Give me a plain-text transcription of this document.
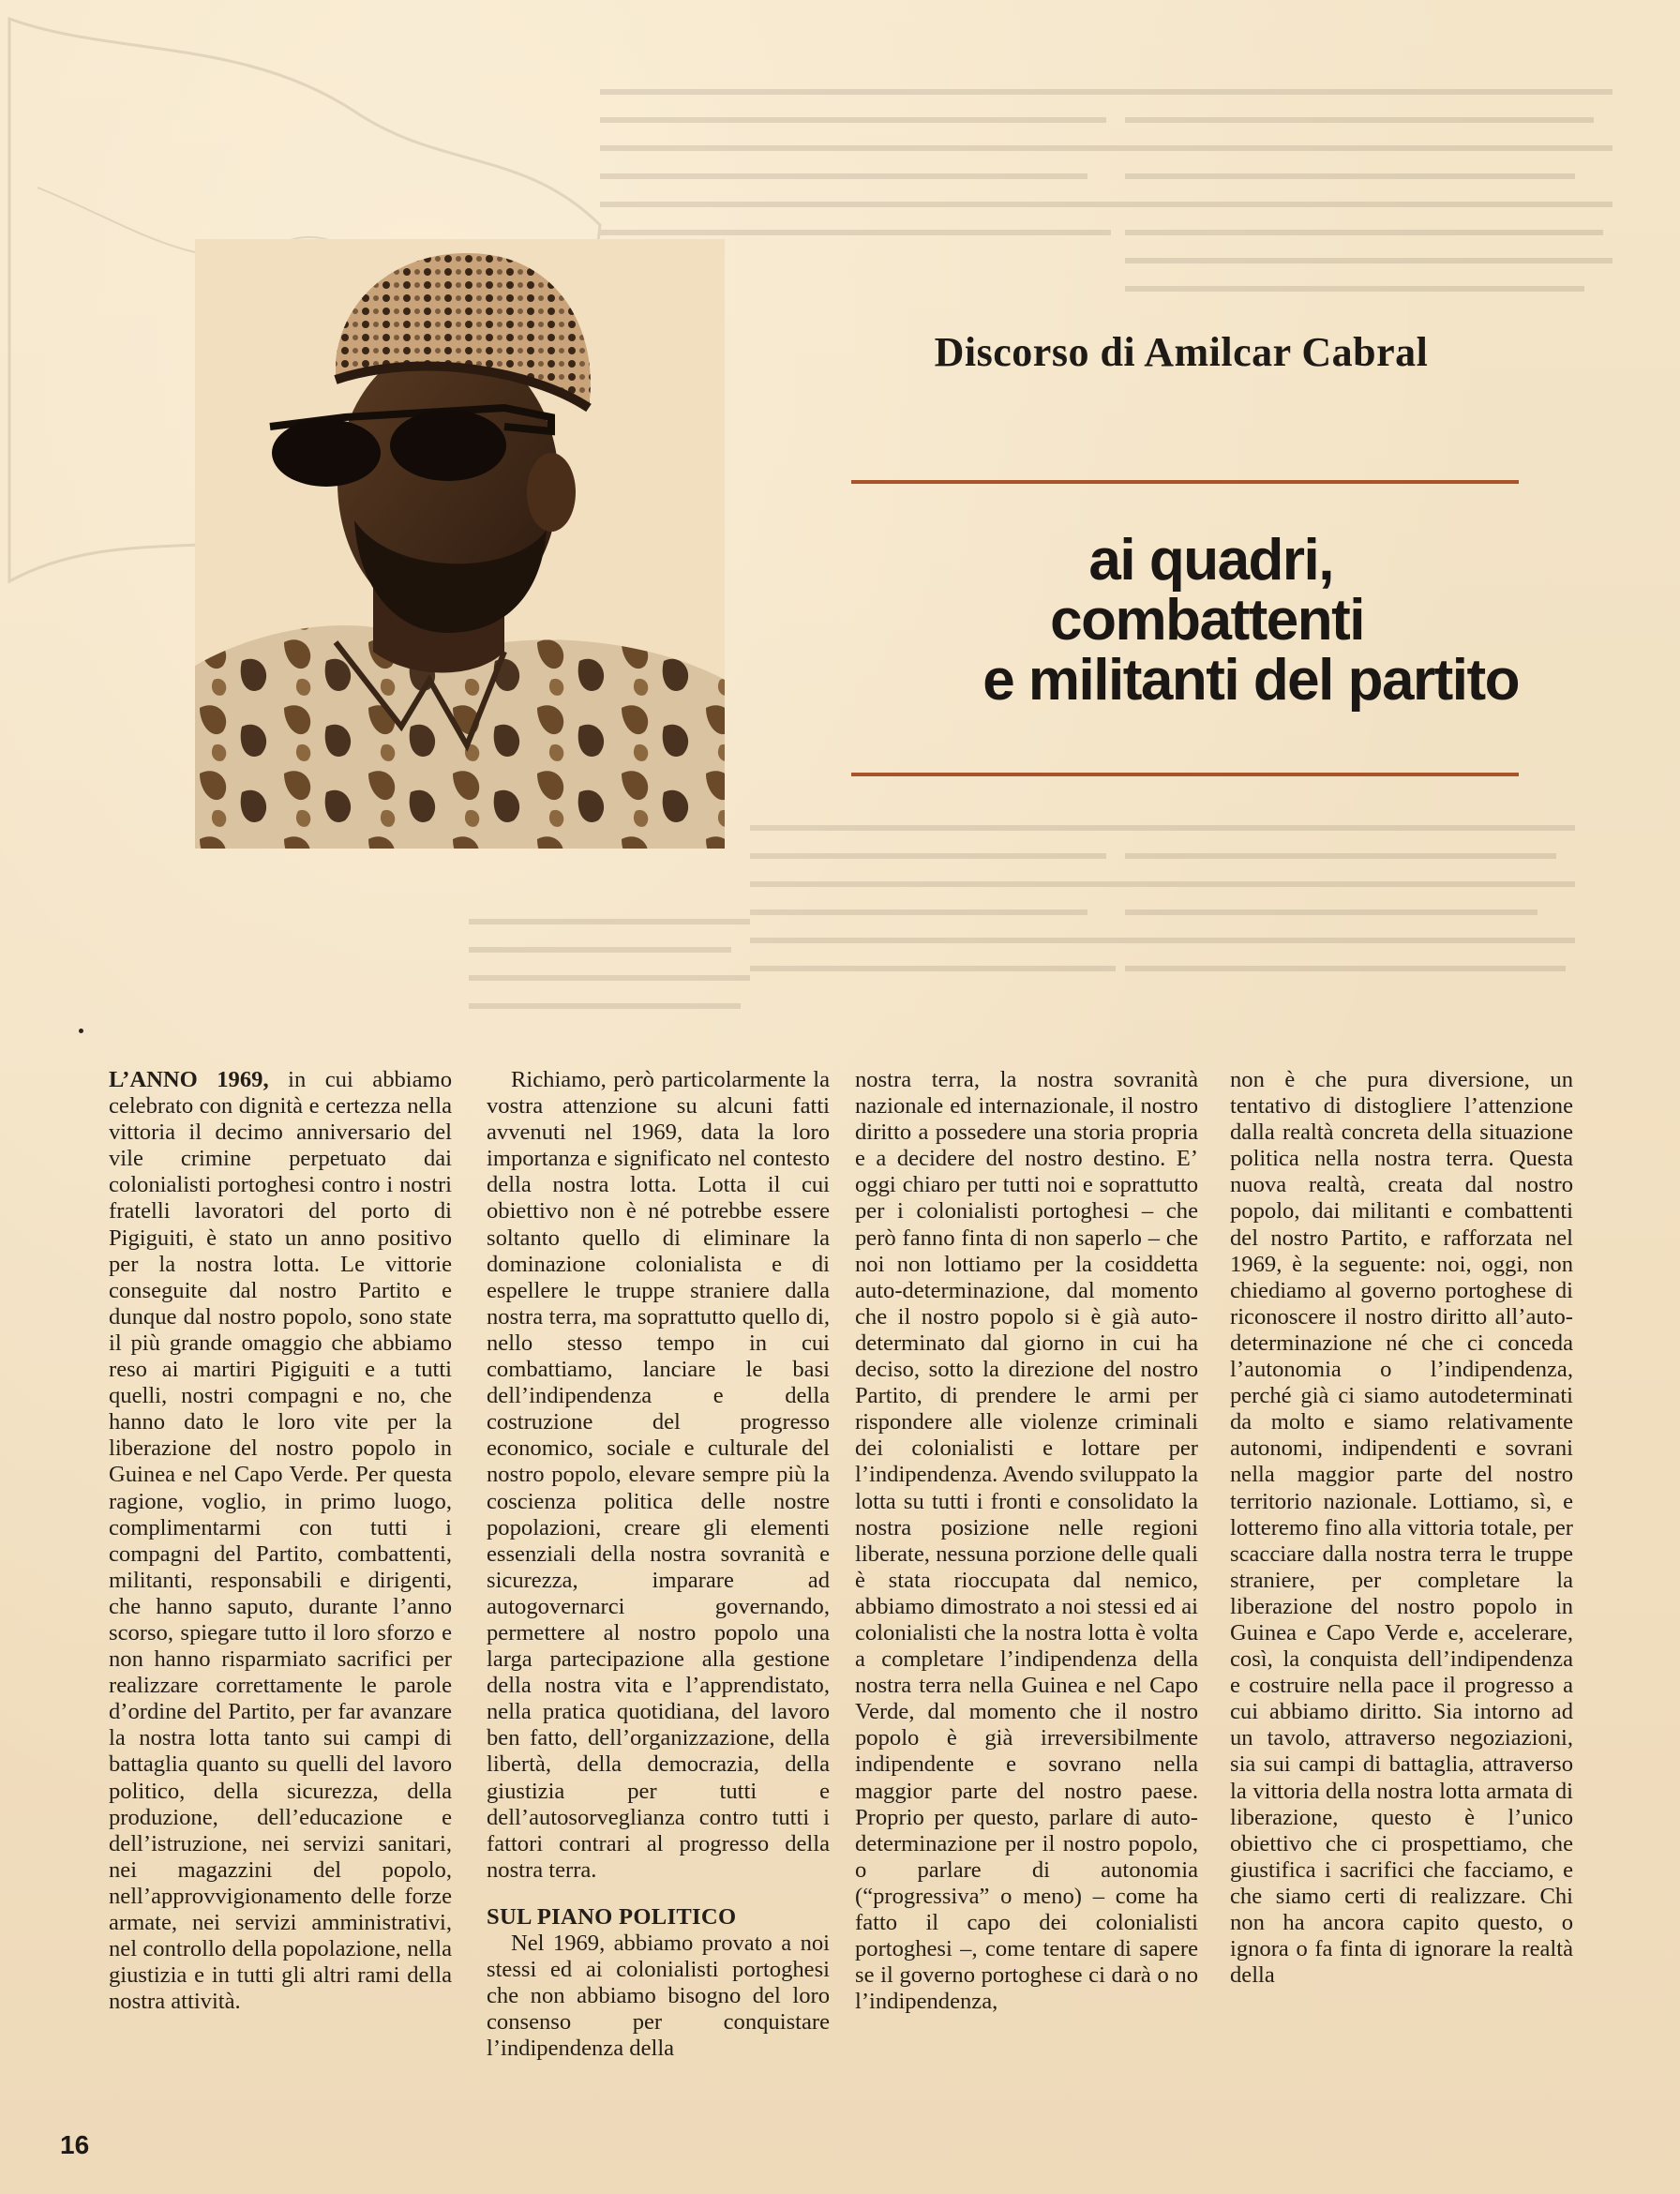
Discorso di Amilcar Cabral
ai quadri,
combattenti
e militanti del partito

L’ANNO 1969, in cui abbiamo celebrato con dignità e certezza nella vittoria il decimo anniversario del vile crimine perpetuato dai colonialisti portoghesi contro i nostri fratelli lavoratori del porto di Pigiguiti, è stato un anno positivo per la nostra lotta. Le vittorie conseguite dal nostro Partito e dunque dal nostro popolo, sono state il più grande omaggio che abbiamo reso ai martiri Pigiguiti e a tutti quelli, nostri compagni e no, che hanno dato le loro vite per la liberazione del nostro popolo in Guinea e nel Capo Verde. Per questa ragione, voglio, in primo luogo, complimentarmi con tutti i compagni del Partito, combattenti, militanti, responsabili e dirigenti, che hanno saputo, durante l’anno scorso, spiegare tutto il loro sforzo e non hanno risparmiato sacrifici per realizzare correttamente le parole d’ordine del Partito, per far avanzare la nostra lotta tanto sui campi di battaglia quanto su quelli del lavoro politico, della sicurezza, della produzione, dell’educazione e dell’istruzione, nei servizi sanitari, nei magazzini del popolo, nell’approvvigionamento delle forze armate, nei servizi amministrativi, nel controllo della popolazione, nella giustizia e in tutti gli altri rami della nostra attività.

Richiamo, però particolarmente la vostra attenzione su alcuni fatti avvenuti nel 1969, data la loro importanza e significato nel contesto della nostra lotta. Lotta il cui obiettivo non è né potrebbe essere soltanto quello di eliminare la dominazione colonialista e di espellere le truppe straniere dalla nostra terra, ma soprattutto quello di, nello stesso tempo in cui combattiamo, lanciare le basi dell’indipendenza e della costruzione del progresso economico, sociale e culturale del nostro popolo, elevare sempre più la coscienza politica delle nostre popolazioni, creare gli elementi essenziali della nostra sovranità e sicurezza, imparare ad autogovernarci governando, permettere al nostro popolo una larga partecipazione alla gestione della nostra vita e l’apprendistato, nella pratica quotidiana, del lavoro ben fatto, dell’organizzazione, della libertà, della democrazia, della giustizia per tutti e dell’autosorveglianza contro tutti i fattori contrari al progresso della nostra terra.

SUL PIANO POLITICO

Nel 1969, abbiamo provato a noi stessi ed ai colonialisti portoghesi che non abbiamo bisogno del loro consenso per conquistare l’indipendenza della

nostra terra, la nostra sovranità nazionale ed internazionale, il nostro diritto a possedere una storia propria e a decidere del nostro destino. E’ oggi chiaro per tutti noi e soprattutto per i colonialisti portoghesi – che però fanno finta di non saperlo – che noi non lottiamo per la cosiddetta auto-determinazione, dal momento che il nostro popolo si è già auto-determinato dal giorno in cui ha deciso, sotto la direzione del nostro Partito, di prendere le armi per rispondere alle violenze criminali dei colonialisti e lottare per l’indipendenza. Avendo sviluppato la lotta su tutti i fronti e consolidato la nostra posizione nelle regioni liberate, nessuna porzione delle quali è stata rioccupata dal nemico, abbiamo dimostrato a noi stessi ed ai colonialisti che la nostra lotta è volta a completare l’indipendenza della nostra terra nella Guinea e nel Capo Verde, dal momento che il nostro popolo è già irreversibilmente indipendente e sovrano nella maggior parte del nostro paese. Proprio per questo, parlare di auto-determinazione per il nostro popolo, o parlare di autonomia (“progressiva” o meno) – come ha fatto il capo dei colonialisti portoghesi –, come tentare di sapere se il governo portoghese ci darà o no l’indipendenza,

non è che pura diversione, un tentativo di distogliere l’attenzione dalla realtà concreta della situazione politica nella nostra terra. Questa nuova realtà, creata dal nostro popolo, dai militanti e combattenti del nostro Partito, e rafforzata nel 1969, è la seguente: noi, oggi, non chiediamo al governo portoghese di riconoscere il nostro diritto all’auto-determinazione né che ci conceda l’autonomia o l’indipendenza, perché già ci siamo autodeterminati da molto e siamo relativamente autonomi, indipendenti e sovrani nella maggior parte del nostro territorio nazionale. Lottiamo, sì, e lotteremo fino alla vittoria totale, per scacciare dalla nostra terra le truppe straniere, per completare la liberazione del nostro popolo in Guinea e Capo Verde e, accelerare, così, la conquista dell’indipendenza e costruire nella pace il progresso a cui abbiamo diritto. Sia intorno ad un tavolo, attraverso negoziazioni, sia sui campi di battaglia, attraverso la vittoria della nostra lotta armata di liberazione, questo è l’unico obiettivo che ci prospettiamo, che giustifica i sacrifici che facciamo, e che siamo certi di realizzare. Chi non ha ancora capito questo, o ignora o fa finta di ignorare la realtà della

16
